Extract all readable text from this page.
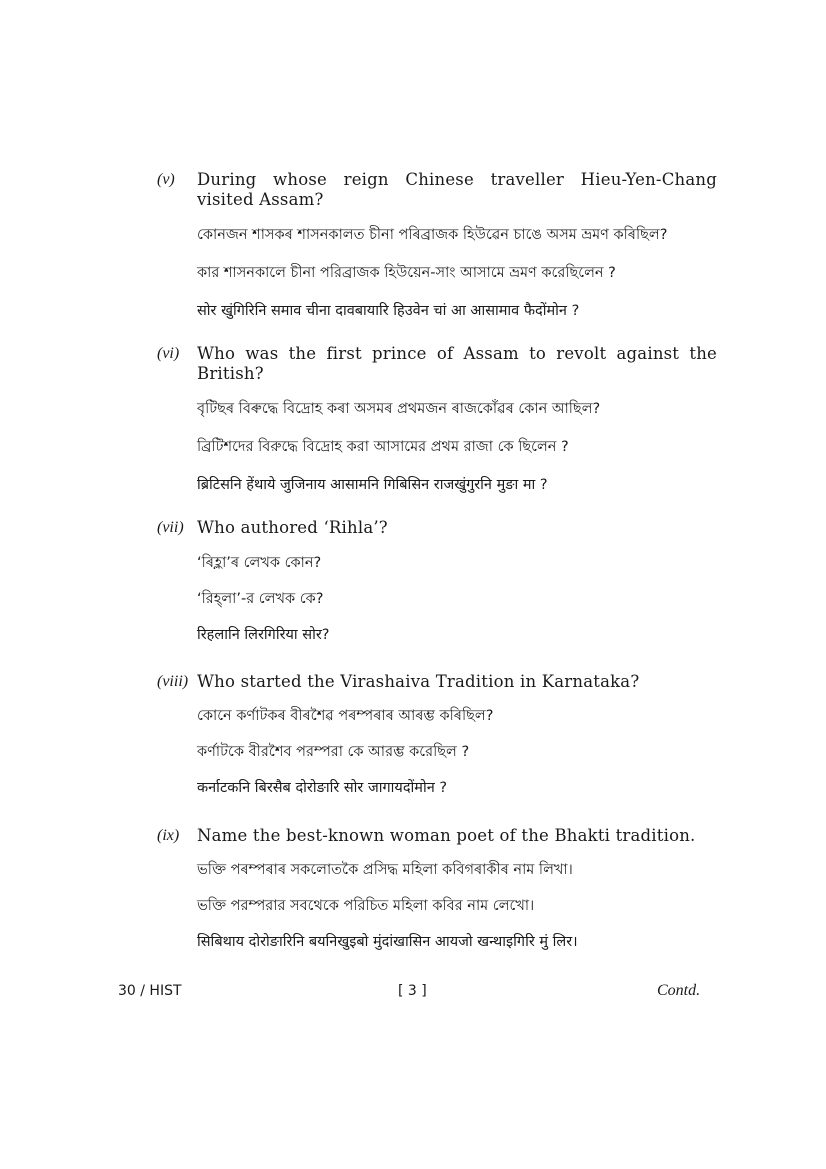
(v) During whose reign Chinese traveller Hieu-Yen-Chang visited Assam?
কোনজন শাসকৰ শাসনকালত চীনা পৰিব্ৰাজক হিউৱেন চাঙে অসম ভ্ৰমণ কৰিছিল?
কার শাসনকালে চীনা পরিব্রাজক হিউয়েন-সাং আসামে ভ্রমণ করেছিলেন ?
सोर खुंगिरिनि समाव चीना दावबायारि हिउवेन चां आ आसामाव फैदोंमोन ?
(vi) Who was the first prince of Assam to revolt against the British?
বৃটিছৰ বিৰুদ্ধে বিদ্ৰোহ কৰা অসমৰ প্ৰথমজন ৰাজকোঁৱৰ কোন আছিল?
ব্রিটিশদের বিরুদ্ধে বিদ্রোহ করা আসামের প্রথম রাজা কে ছিলেন ?
ब्रिटिसनि हेंथाये जुजिनाय आसामनि गिबिसिन राजखुंगुरनि मुङा मा ?
(vii) Who authored ‘Rihla’?
‘ৰিহ্লা’ৰ লেখক কোন?
‘রিহ্‌লা’-র লেখক কে?
रिहलानि लिरगिरिया सोर?
(viii) Who started the Virashaiva Tradition in Karnataka?
কোনে কৰ্ণাটকৰ বীৰশৈৱ পৰম্পৰাৰ আৰম্ভ কৰিছিল?
কর্ণাটকে বীরশৈব পরম্পরা কে আরম্ভ করেছিল ?
कर्नाटकनि बिरसैब दोरोङारि सोर जागायदोंमोन ?
(ix) Name the best-known woman poet of the Bhakti tradition.
ভক্তি পৰম্পৰাৰ সকলোতকৈ প্ৰসিদ্ধ মহিলা কবিগৰাকীৰ নাম লিখা।
ভক্তি পরম্পরার সবথেকে পরিচিত মহিলা কবির নাম লেখো।
सिबिथाय दोरोङारिनि बयनिखुइबो मुंदांखासिन आयजो खन्थाइगिरि मुं लिर।
30 / HIST	[ 3 ]	Contd.
